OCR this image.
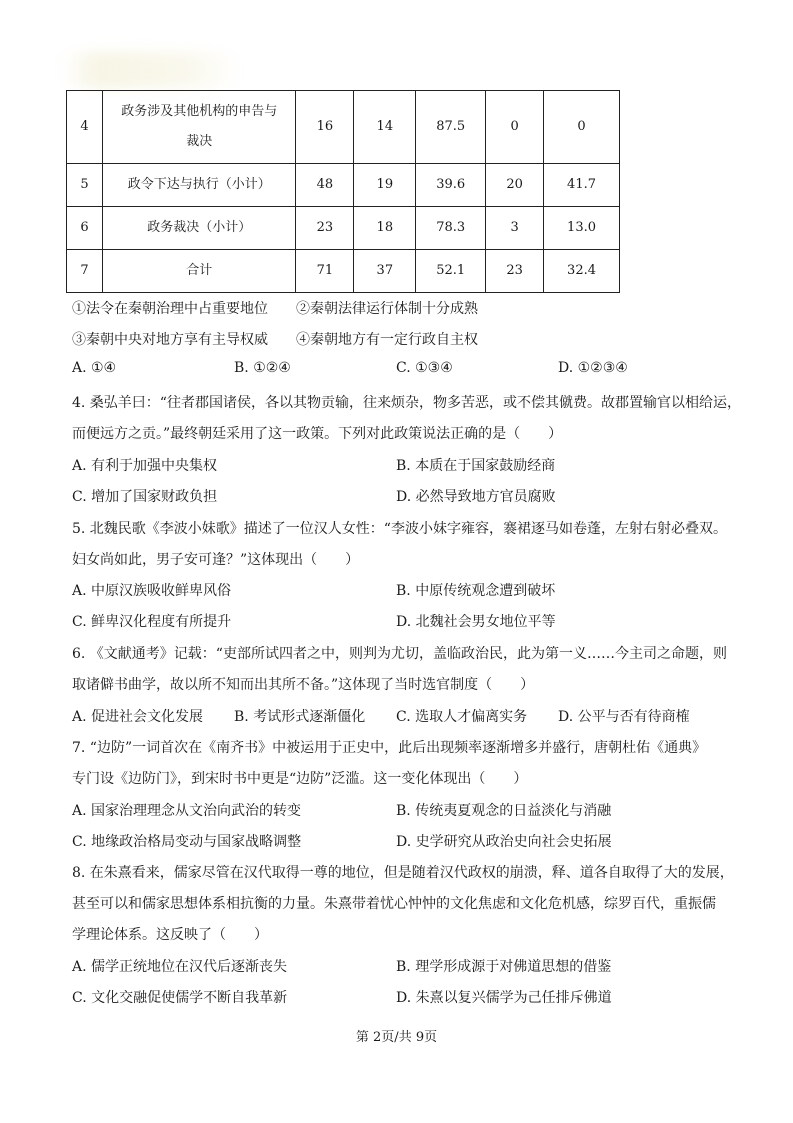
4	政务涉及其他机构的申告与裁决	16	14	87.5	0	0
5	政令下达与执行（小计）	48	19	39.6	20	41.7
6	政务裁决（小计）	23	18	78.3	3	13.0
7	合计	71	37	52.1	23	32.4
①法令在秦朝治理中占重要地位 ②秦朝法律运行体制十分成熟
③秦朝中央对地方享有主导权威 ④秦朝地方有一定行政自主权
A. ①④	B. ①②④	C. ①③④	D. ①②③④
4. 桑弘羊曰：“往者郡国诸侯，各以其物贡输，往来烦杂，物多苦恶，或不偿其僦费。故郡置输官以相给运，
而便远方之贡。”最终朝廷采用了这一政策。下列对此政策说法正确的是（　　）
A. 有利于加强中央集权	B. 本质在于国家鼓励经商
C. 增加了国家财政负担	D. 必然导致地方官员腐败
5. 北魏民歌《李波小妹歌》描述了一位汉人女性：“李波小妹字雍容，褰裙逐马如卷蓬，左射右射必叠双。
妇女尚如此，男子安可逢？”这体现出（　　）
A. 中原汉族吸收鲜卑风俗	B. 中原传统观念遭到破坏
C. 鲜卑汉化程度有所提升	D. 北魏社会男女地位平等
6. 《文献通考》记载：“吏部所试四者之中，则判为尤切，盖临政治民，此为第一义……今主司之命题，则
取诸僻书曲学，故以所不知而出其所不备。”这体现了当时选官制度（　　）
A. 促进社会文化发展 B. 考试形式逐渐僵化 C. 选取人才偏离实务 D. 公平与否有待商榷
7. “边防”一词首次在《南齐书》中被运用于正史中，此后出现频率逐渐增多并盛行，唐朝杜佑《通典》
专门设《边防门》，到宋时书中更是“边防”泛滥。这一变化体现出（　　）
A. 国家治理理念从文治向武治的转变	B. 传统夷夏观念的日益淡化与消融
C. 地缘政治格局变动与国家战略调整	D. 史学研究从政治史向社会史拓展
8. 在朱熹看来，儒家尽管在汉代取得一尊的地位，但是随着汉代政权的崩溃，释、道各自取得了大的发展，
甚至可以和儒家思想体系相抗衡的力量。朱熹带着忧心忡忡的文化焦虑和文化危机感，综罗百代，重振儒
学理论体系。这反映了（　　）
A. 儒学正统地位在汉代后逐渐丧失	B. 理学形成源于对佛道思想的借鉴
C. 文化交融促使儒学不断自我革新	D. 朱熹以复兴儒学为己任排斥佛道
第 2页/共 9页
